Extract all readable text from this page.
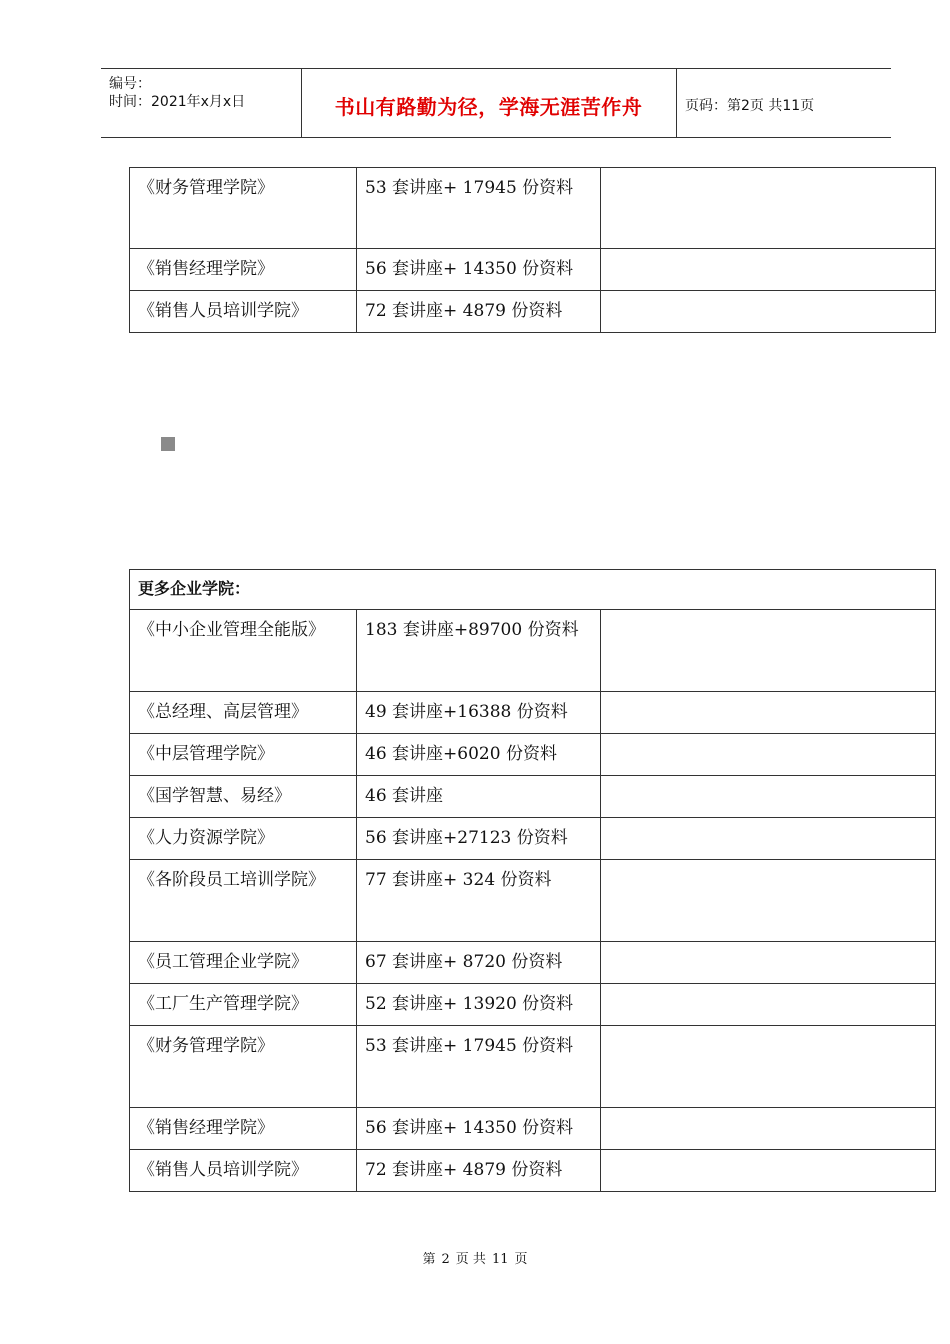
编号：
时间：2021年x月x日	书山有路勤为径，学海无涯苦作舟	页码：第2页 共11页
《财务管理学院》	53 套讲座+ 17945 份资料	
《销售经理学院》	56 套讲座+ 14350 份资料	
《销售人员培训学院》	72 套讲座+ 4879 份资料	
更多企业学院：		
《中小企业管理全能版》	183 套讲座+89700 份资料	
《总经理、高层管理》	49 套讲座+16388 份资料	
《中层管理学院》	46 套讲座+6020 份资料	
《国学智慧、易经》	46 套讲座	
《人力资源学院》	56 套讲座+27123 份资料	
《各阶段员工培训学院》	77 套讲座+ 324 份资料	
《员工管理企业学院》	67 套讲座+ 8720 份资料	
《工厂生产管理学院》	52 套讲座+ 13920 份资料	
《财务管理学院》	53 套讲座+ 17945 份资料	
《销售经理学院》	56 套讲座+ 14350 份资料	
《销售人员培训学院》	72 套讲座+ 4879 份资料	
第 2 页 共 11 页
